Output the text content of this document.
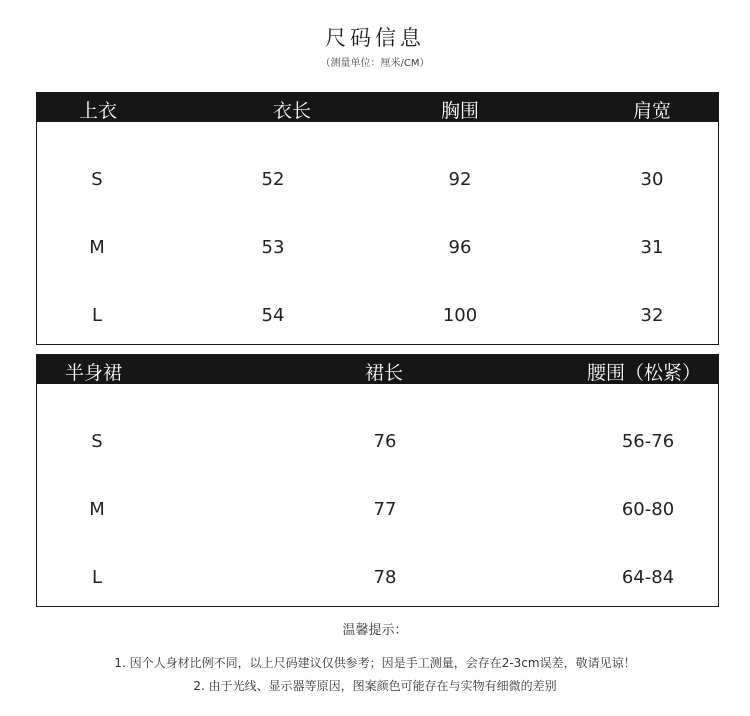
尺码信息
（测量单位：厘米/CM）
上衣	衣长	胸围	肩宽
S	52	92	30
M	53	96	31
L	54	100	32
半身裙	裙长	腰围（松紧）
S	76	56-76
M	77	60-80
L	78	64-84
温馨提示：
1. 因个人身材比例不同，以上尺码建议仅供参考；因是手工测量，会存在2-3cm误差，敬请见谅！
2. 由于光线、显示器等原因，图案颜色可能存在与实物有细微的差别
